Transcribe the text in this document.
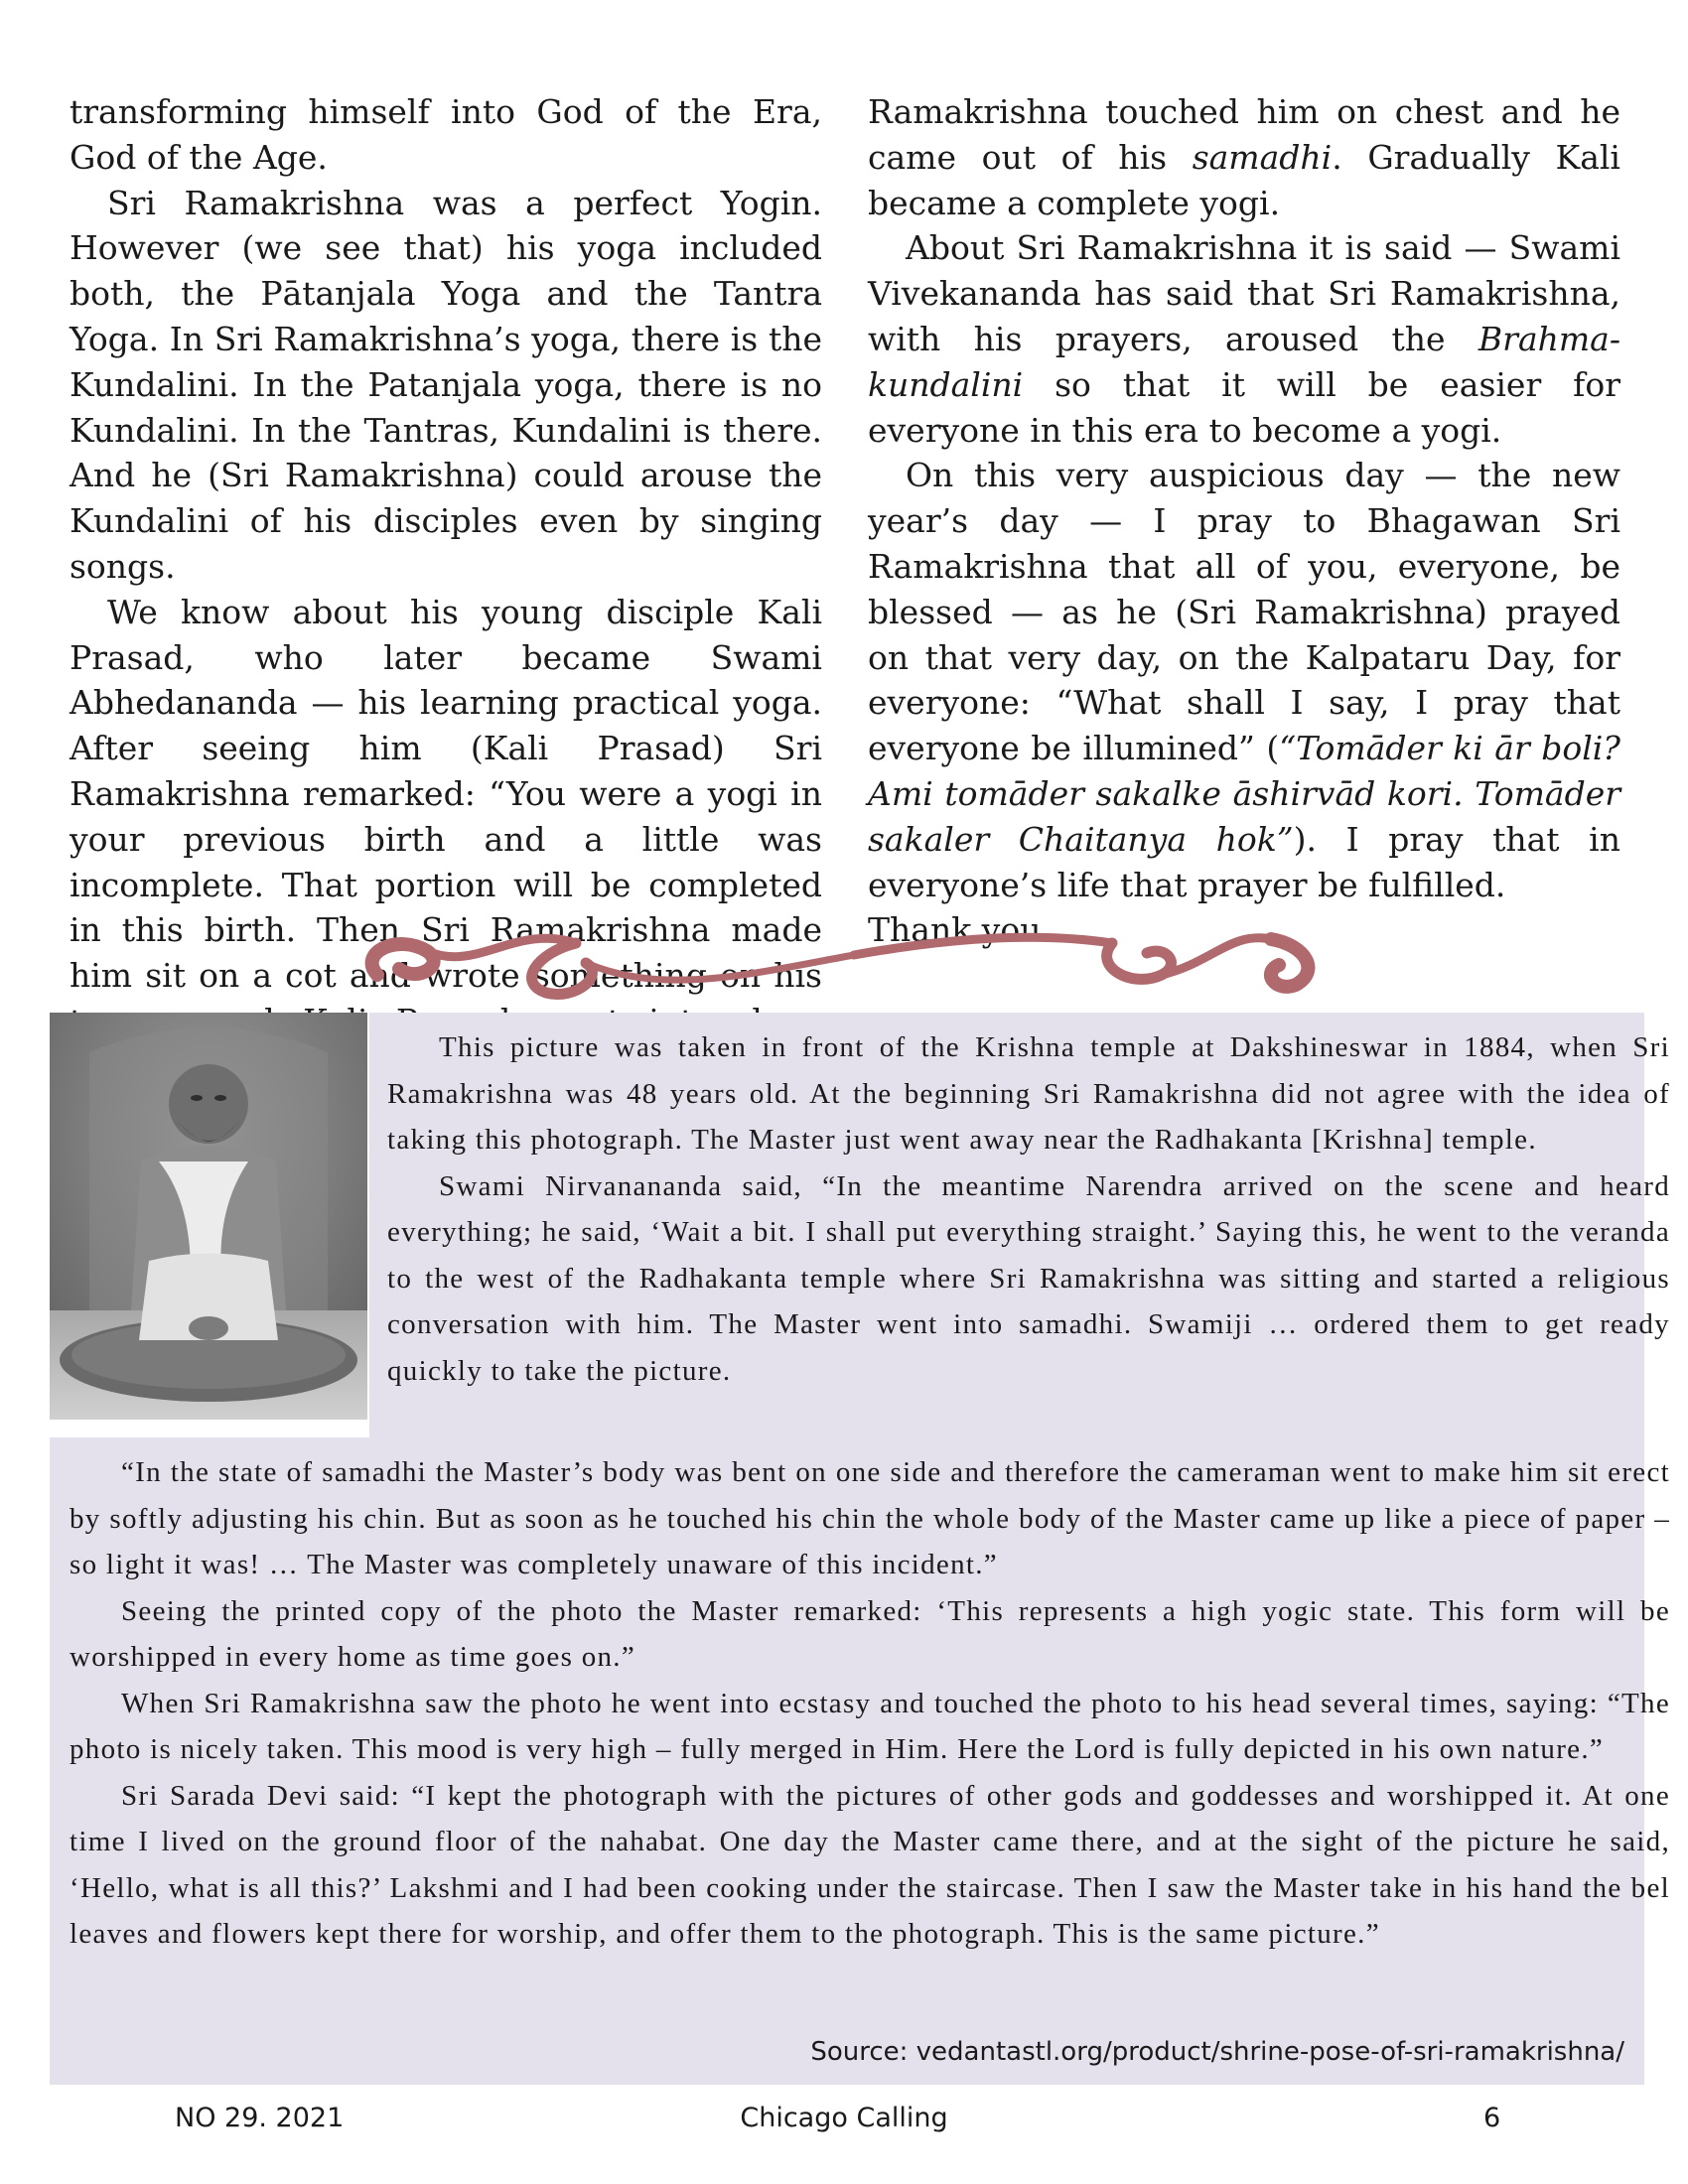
transforming himself into God of the Era, God of the Age.

Sri Ramakrishna was a perfect Yogin. However (we see that) his yoga included both, the Pātanjala Yoga and the Tantra Yoga. In Sri Ramakrishna’s yoga, there is the Kundalini. In the Patanjala yoga, there is no Kundalini. In the Tantras, Kundalini is there. And he (Sri Ramakrishna) could arouse the Kundalini of his disciples even by singing songs.

We know about his young disciple Kali Prasad, who later became Swami Abhedananda — his learning practical yoga. After seeing him (Kali Prasad) Sri Ramakrishna remarked: “You were a yogi in your previous birth and a little was incomplete. That portion will be completed in this birth. Then Sri Ramakrishna made him sit on a cot and wrote something on his

Ramakrishna touched him on chest and he came out of his samadhi. Gradually Kali became a complete yogi.

About Sri Ramakrishna it is said — Swami Vivekananda has said that Sri Ramakrishna, with his prayers, aroused the Brahma-kundalini so that it will be easier for everyone in this era to become a yogi.

On this very auspicious day — the new year’s day — I pray to Bhagawan Sri Ramakrishna that all of you, everyone, be blessed — as he (Sri Ramakrishna) prayed on that very day, on the Kalpataru Day, for everyone: “What shall I say, I pray that everyone be illumined” (“Tomāder ki ār boli? Ami tomāder sakalke āshirvād kori. Tomāder sakaler Chaitanya hok”). I pray that in everyone’s life that prayer be fulfilled.

Thank you

This picture was taken in front of the Krishna temple at Dakshineswar in 1884, when Sri Ramakrishna was 48 years old. At the beginning Sri Ramakrishna did not agree with the idea of taking this photograph. The Master just went away near the Radhakanta [Krishna] temple.

Swami Nirvanananda said, “In the meantime Narendra arrived on the scene and heard everything; he said, ‘Wait a bit. I shall put everything straight.’ Saying this, he went to the veranda to the west of the Radhakanta temple where Sri Ramakrishna was sitting and started a religious conversation with him. The Master went into samadhi. Swamiji … ordered them to get ready quickly to take the picture.

“In the state of samadhi the Master’s body was bent on one side and therefore the cameraman went to make him sit erect by softly adjusting his chin. But as soon as he touched his chin the whole body of the Master came up like a piece of paper – so light it was! … The Master was completely unaware of this incident.”

Seeing the printed copy of the photo the Master remarked: ‘This represents a high yogic state. This form will be worshipped in every home as time goes on.”

When Sri Ramakrishna saw the photo he went into ecstasy and touched the photo to his head several times, saying: “The photo is nicely taken. This mood is very high – fully merged in Him. Here the Lord is fully depicted in his own nature.”

Sri Sarada Devi said: “I kept the photograph with the pictures of other gods and goddesses and worshipped it. At one time I lived on the ground floor of the nahabat. One day the Master came there, and at the sight of the picture he said, ‘Hello, what is all this?’ Lakshmi and I had been cooking under the staircase. Then I saw the Master take in his hand the bel leaves and flowers kept there for worship, and offer them to the photograph. This is the same picture.”

Source: vedantastl.org/product/shrine-pose-of-sri-ramakrishna/
NO 29. 2021	Chicago Calling	6
